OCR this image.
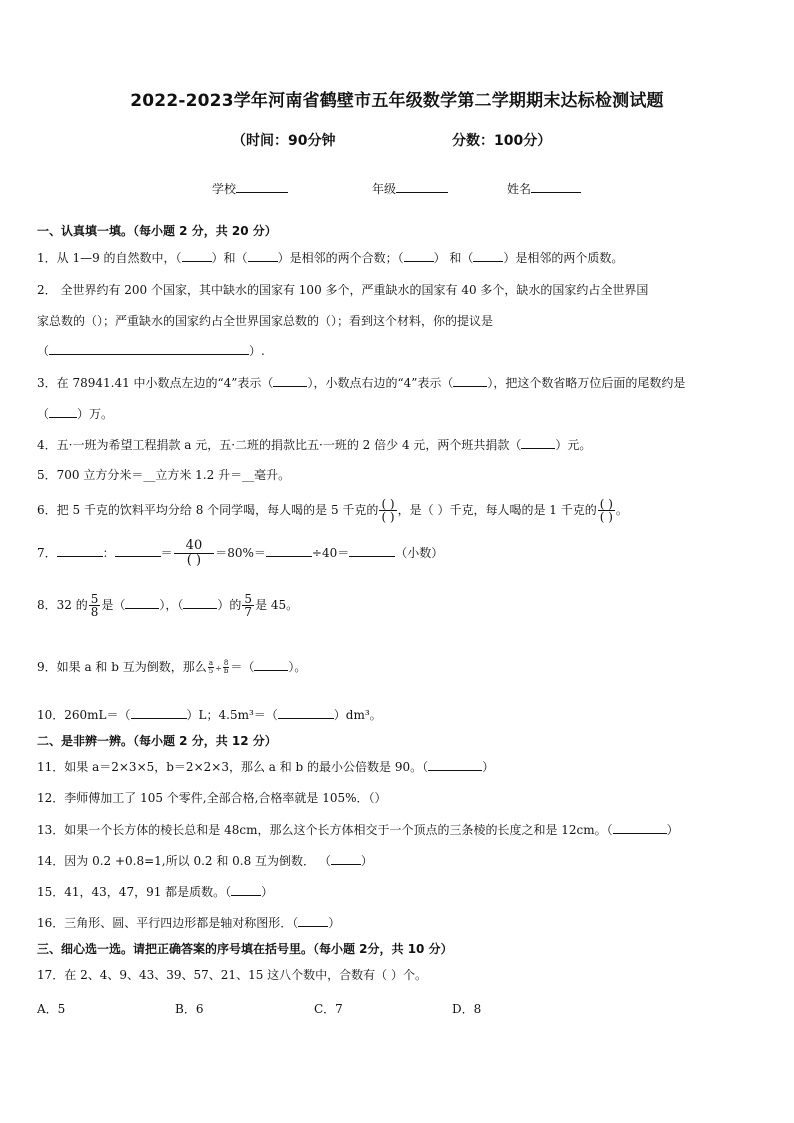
2022-2023学年河南省鹤壁市五年级数学第二学期期末达标检测试题
（时间：90分钟	分数：100分）
学校	年级	姓名
一、认真填一填。（每小题 2 分，共 20 分）
1．从 1—9 的自然数中，（	）和（	）是相邻的两个合数；（	） 和（	）是相邻的两个质数。
2． 全世界约有 200 个国家，其中缺水的国家有 100 多个，严重缺水的国家有 40 多个，缺水的国家约占全世界国
家总数的（）；严重缺水的国家约占全世界国家总数的（）；看到这个材料，你的提议是
（	）.
3．在 78941.41 中小数点左边的“4”表示（	），小数点右边的“4”表示（	），把这个数省略万位后面的尾数约是
（ ）万。
4．五·一班为希望工程捐款 a 元，五·二班的捐款比五·一班的 2 倍少 4 元，两个班共捐款（	）元。
5．700 立方分米＝__立方米 1.2 升＝__毫升。
6．把 5 千克的饮料平均分给 8 个同学喝，每人喝的是 5 千克的 $\frac{( )}{( )}$ ，是（ ）千克，每人喝的是 1 千克的 $\frac{( )}{( )}$ 。
7．	：	＝ $\frac{40}{( )} =80\%=$	÷40＝	（小数）
8．32 的 $\frac{5}{8}$ 是（	），（	）的 $\frac{5}{7}$ 是 45。
9．如果 a 和 b 互为倒数，那么 $\frac{a}{5} \div \frac{8}{b}$ ＝（	）。
10．260mL＝（	）L；4.5m³＝（	）dm³。
二、是非辨一辨。（每小题 2 分，共 12 分）
11．如果 a＝2×3×5，b＝2×2×3，那么 a 和 b 的最小公倍数是 90。（	）
12．李师傅加工了 105 个零件,全部合格,合格率就是 105%．（）
13．如果一个长方体的棱长总和是 48cm，那么这个长方体相交于一个顶点的三条棱的长度之和是 12cm。（	）
14．因为 0.2 +0.8=1,所以 0.2 和 0.8 互为倒数． （	）
15．41，43，47，91 都是质数。（	）
16．三角形、圆、平行四边形都是轴对称图形．（	）
三、细心选一选。请把正确答案的序号填在括号里。（每小题 2分，共 10 分）
17．在 2、4、9、43、39、57、21、15 这八个数中，合数有（ ）个。
A．5	B．6	C．7	D．8
